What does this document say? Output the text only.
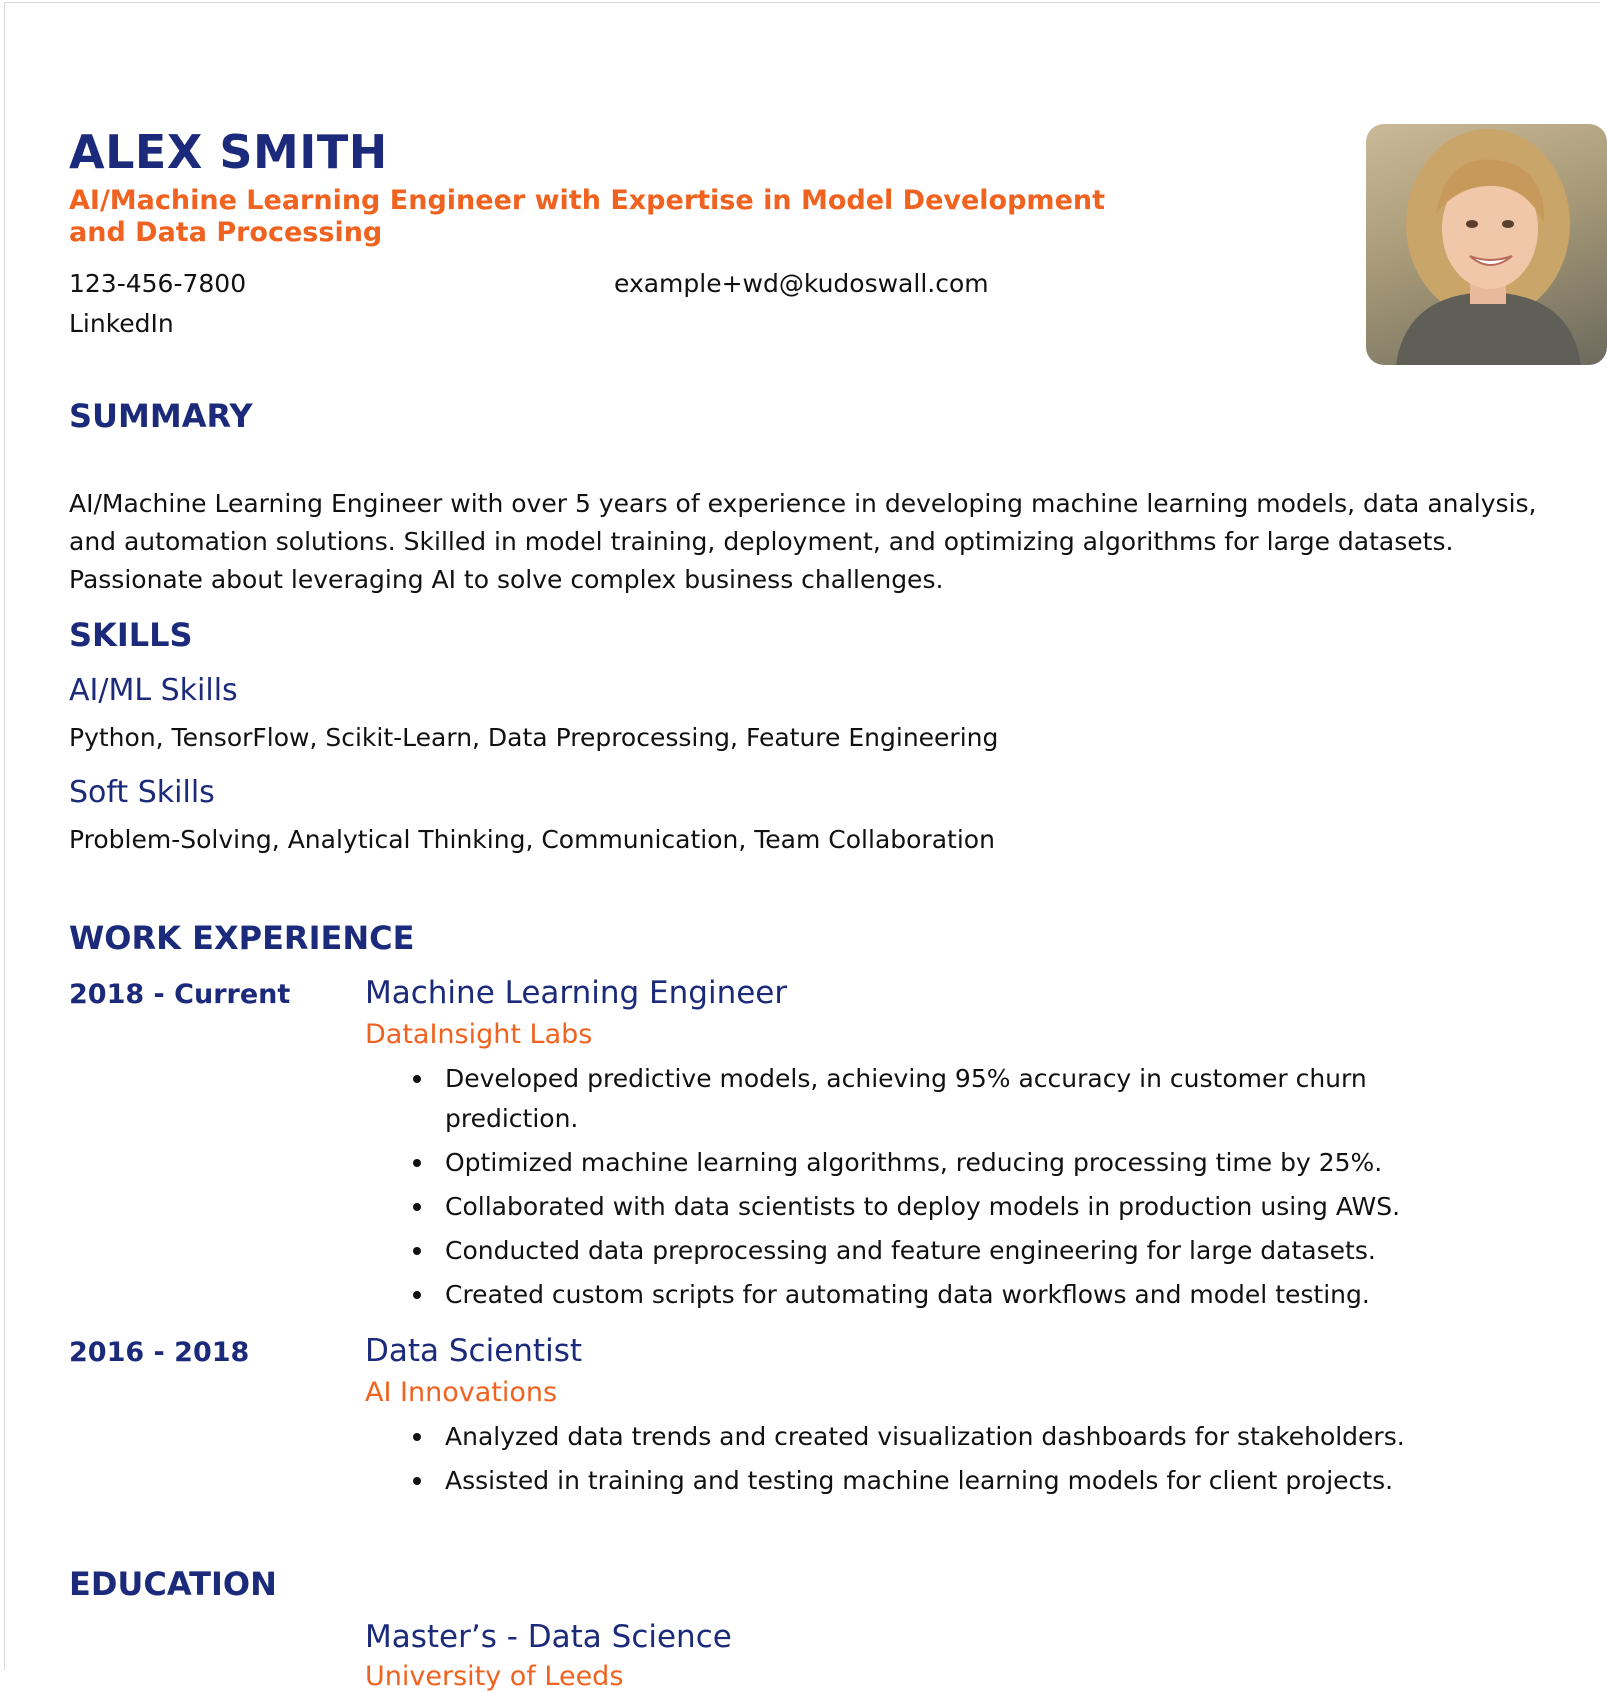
ALEX SMITH
AI/Machine Learning Engineer with Expertise in Model Development and Data Processing
123-456-7800	example+wd@kudoswall.com
LinkedIn
SUMMARY
AI/Machine Learning Engineer with over 5 years of experience in developing machine learning models, data analysis, and automation solutions. Skilled in model training, deployment, and optimizing algorithms for large datasets. Passionate about leveraging AI to solve complex business challenges.
SKILLS
AI/ML Skills
Python, TensorFlow, Scikit-Learn, Data Preprocessing, Feature Engineering
Soft Skills
Problem-Solving, Analytical Thinking, Communication, Team Collaboration
WORK EXPERIENCE
2018 - Current Machine Learning Engineer
DataInsight Labs
Developed predictive models, achieving 95% accuracy in customer churn prediction.
Optimized machine learning algorithms, reducing processing time by 25%.
Collaborated with data scientists to deploy models in production using AWS.
Conducted data preprocessing and feature engineering for large datasets.
Created custom scripts for automating data workflows and model testing.
2016 - 2018	Data Scientist
AI Innovations
Analyzed data trends and created visualization dashboards for stakeholders.
Assisted in training and testing machine learning models for client projects.
EDUCATION
Master’s - Data Science
University of Leeds
